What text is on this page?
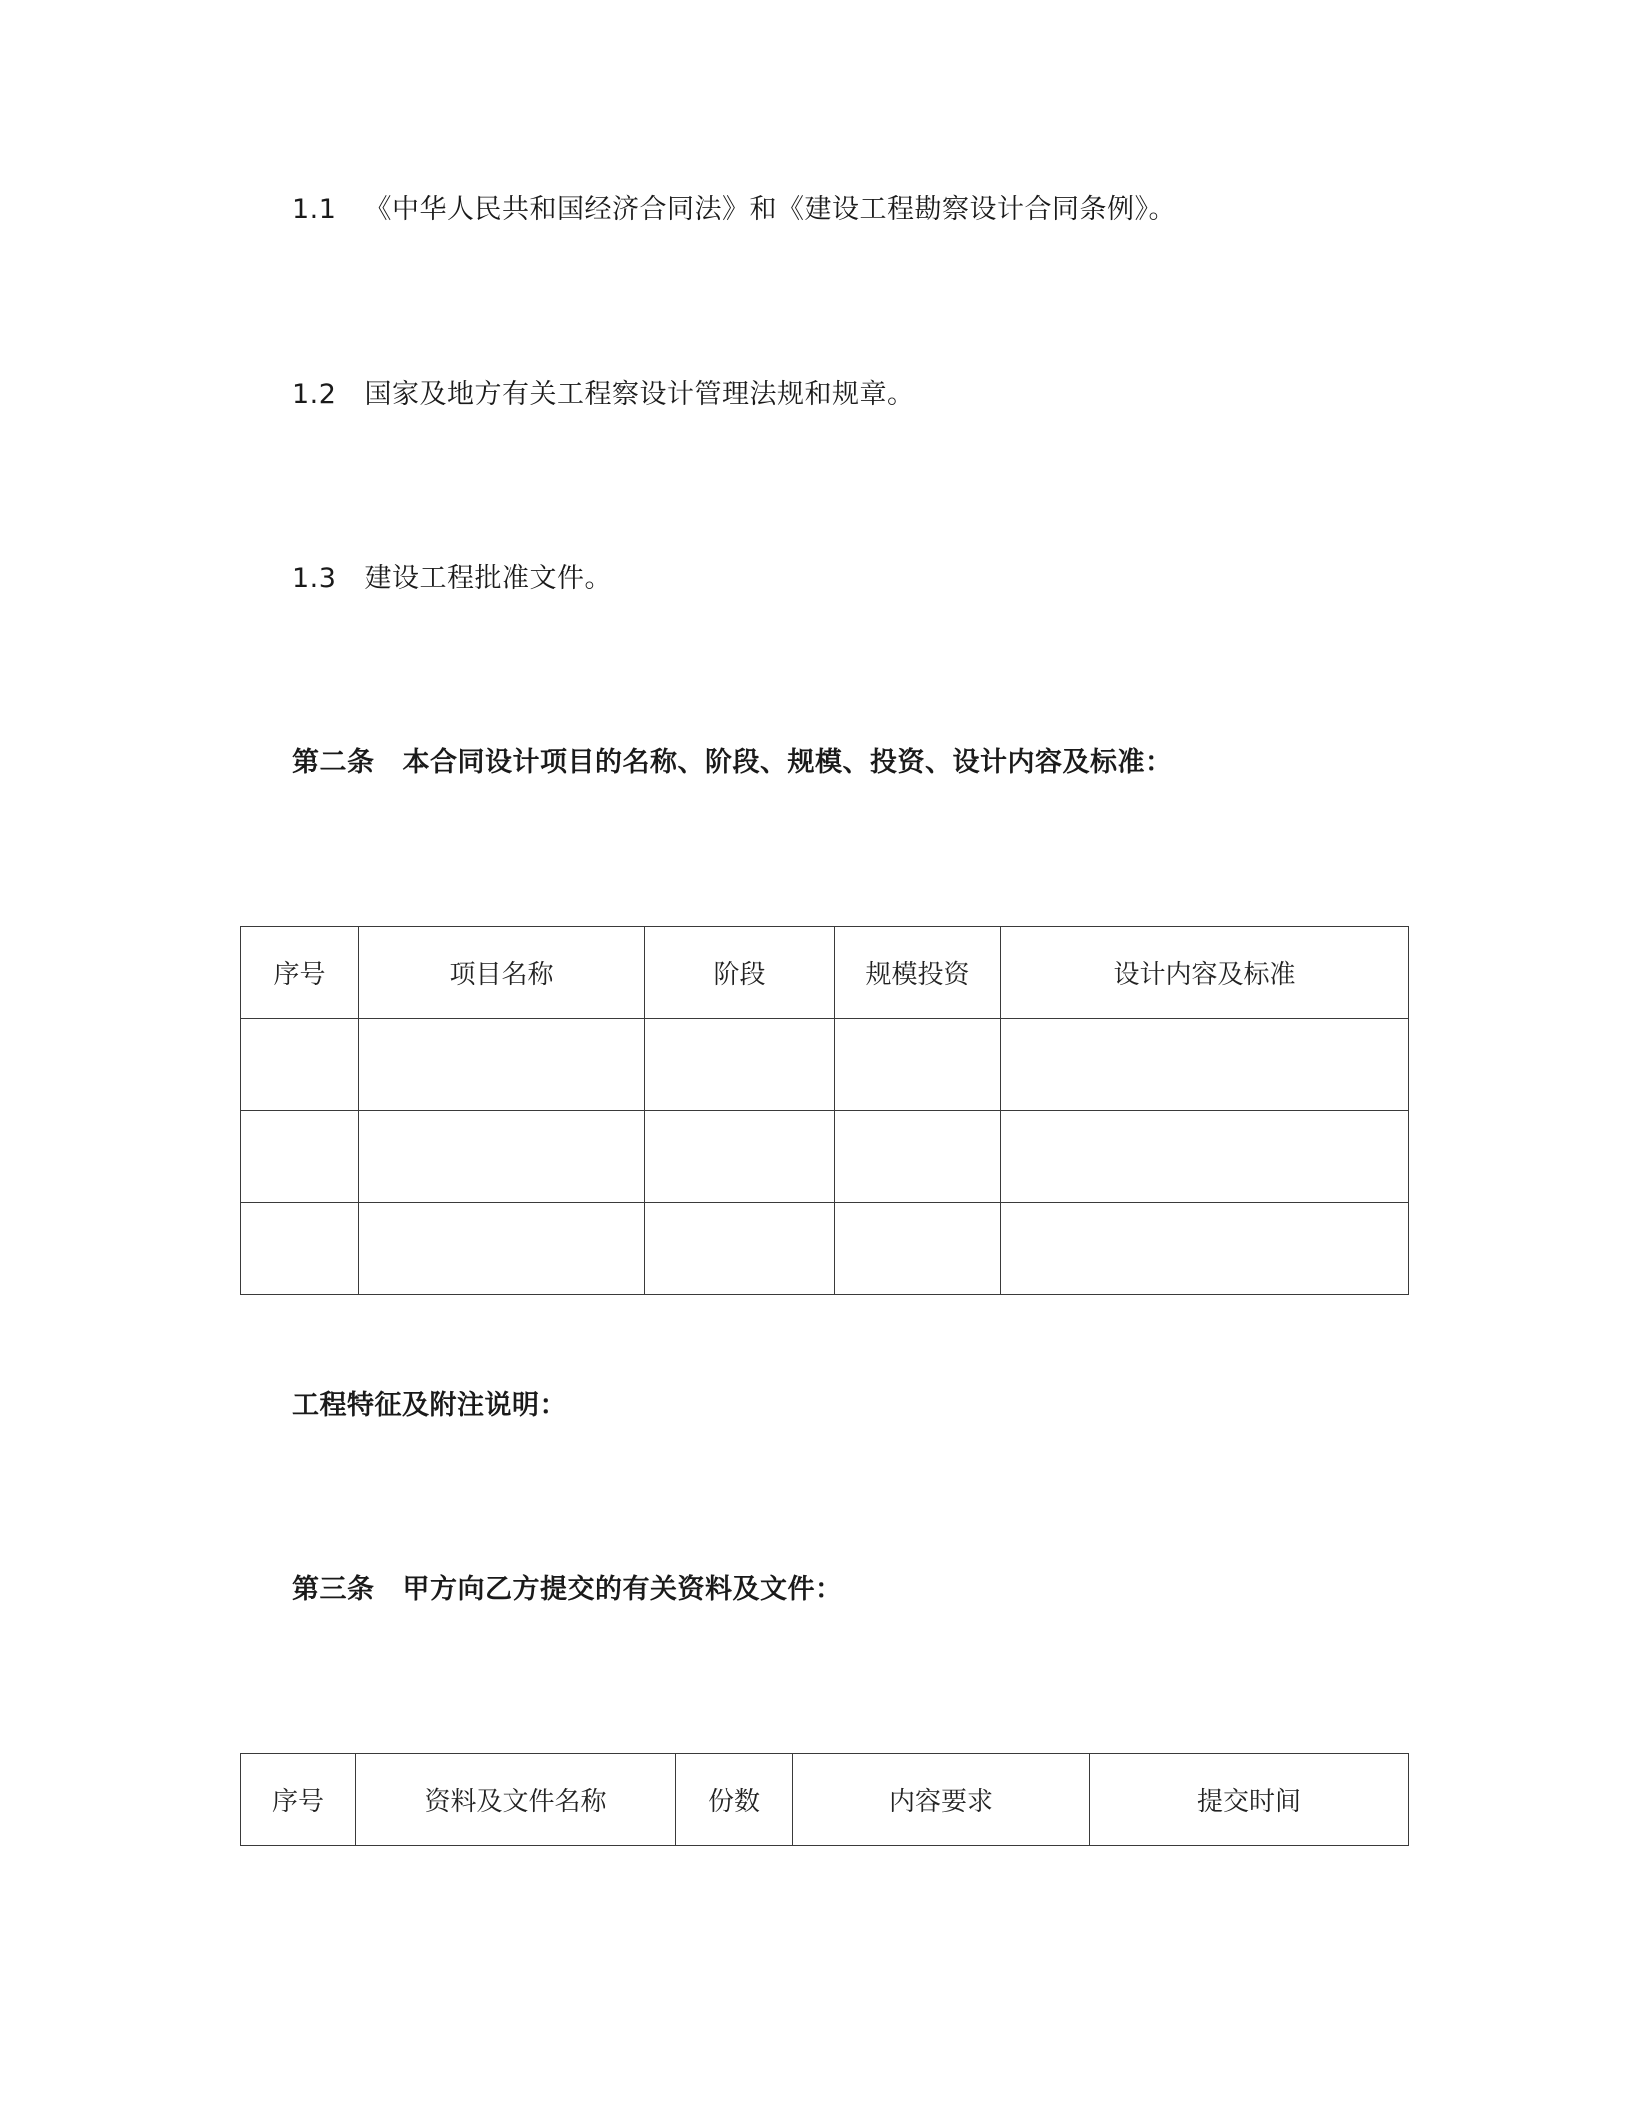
1.1 《中华人民共和国经济合同法》和《建设工程勘察设计合同条例》。
1.2 国家及地方有关工程察设计管理法规和规章。
1.3 建设工程批准文件。
第二条 本合同设计项目的名称、阶段、规模、投资、设计内容及标准：
序号	项目名称	阶段	规模投资	设计内容及标准

工程特征及附注说明：
第三条 甲方向乙方提交的有关资料及文件：
序号	资料及文件名称	份数	内容要求	提交时间
